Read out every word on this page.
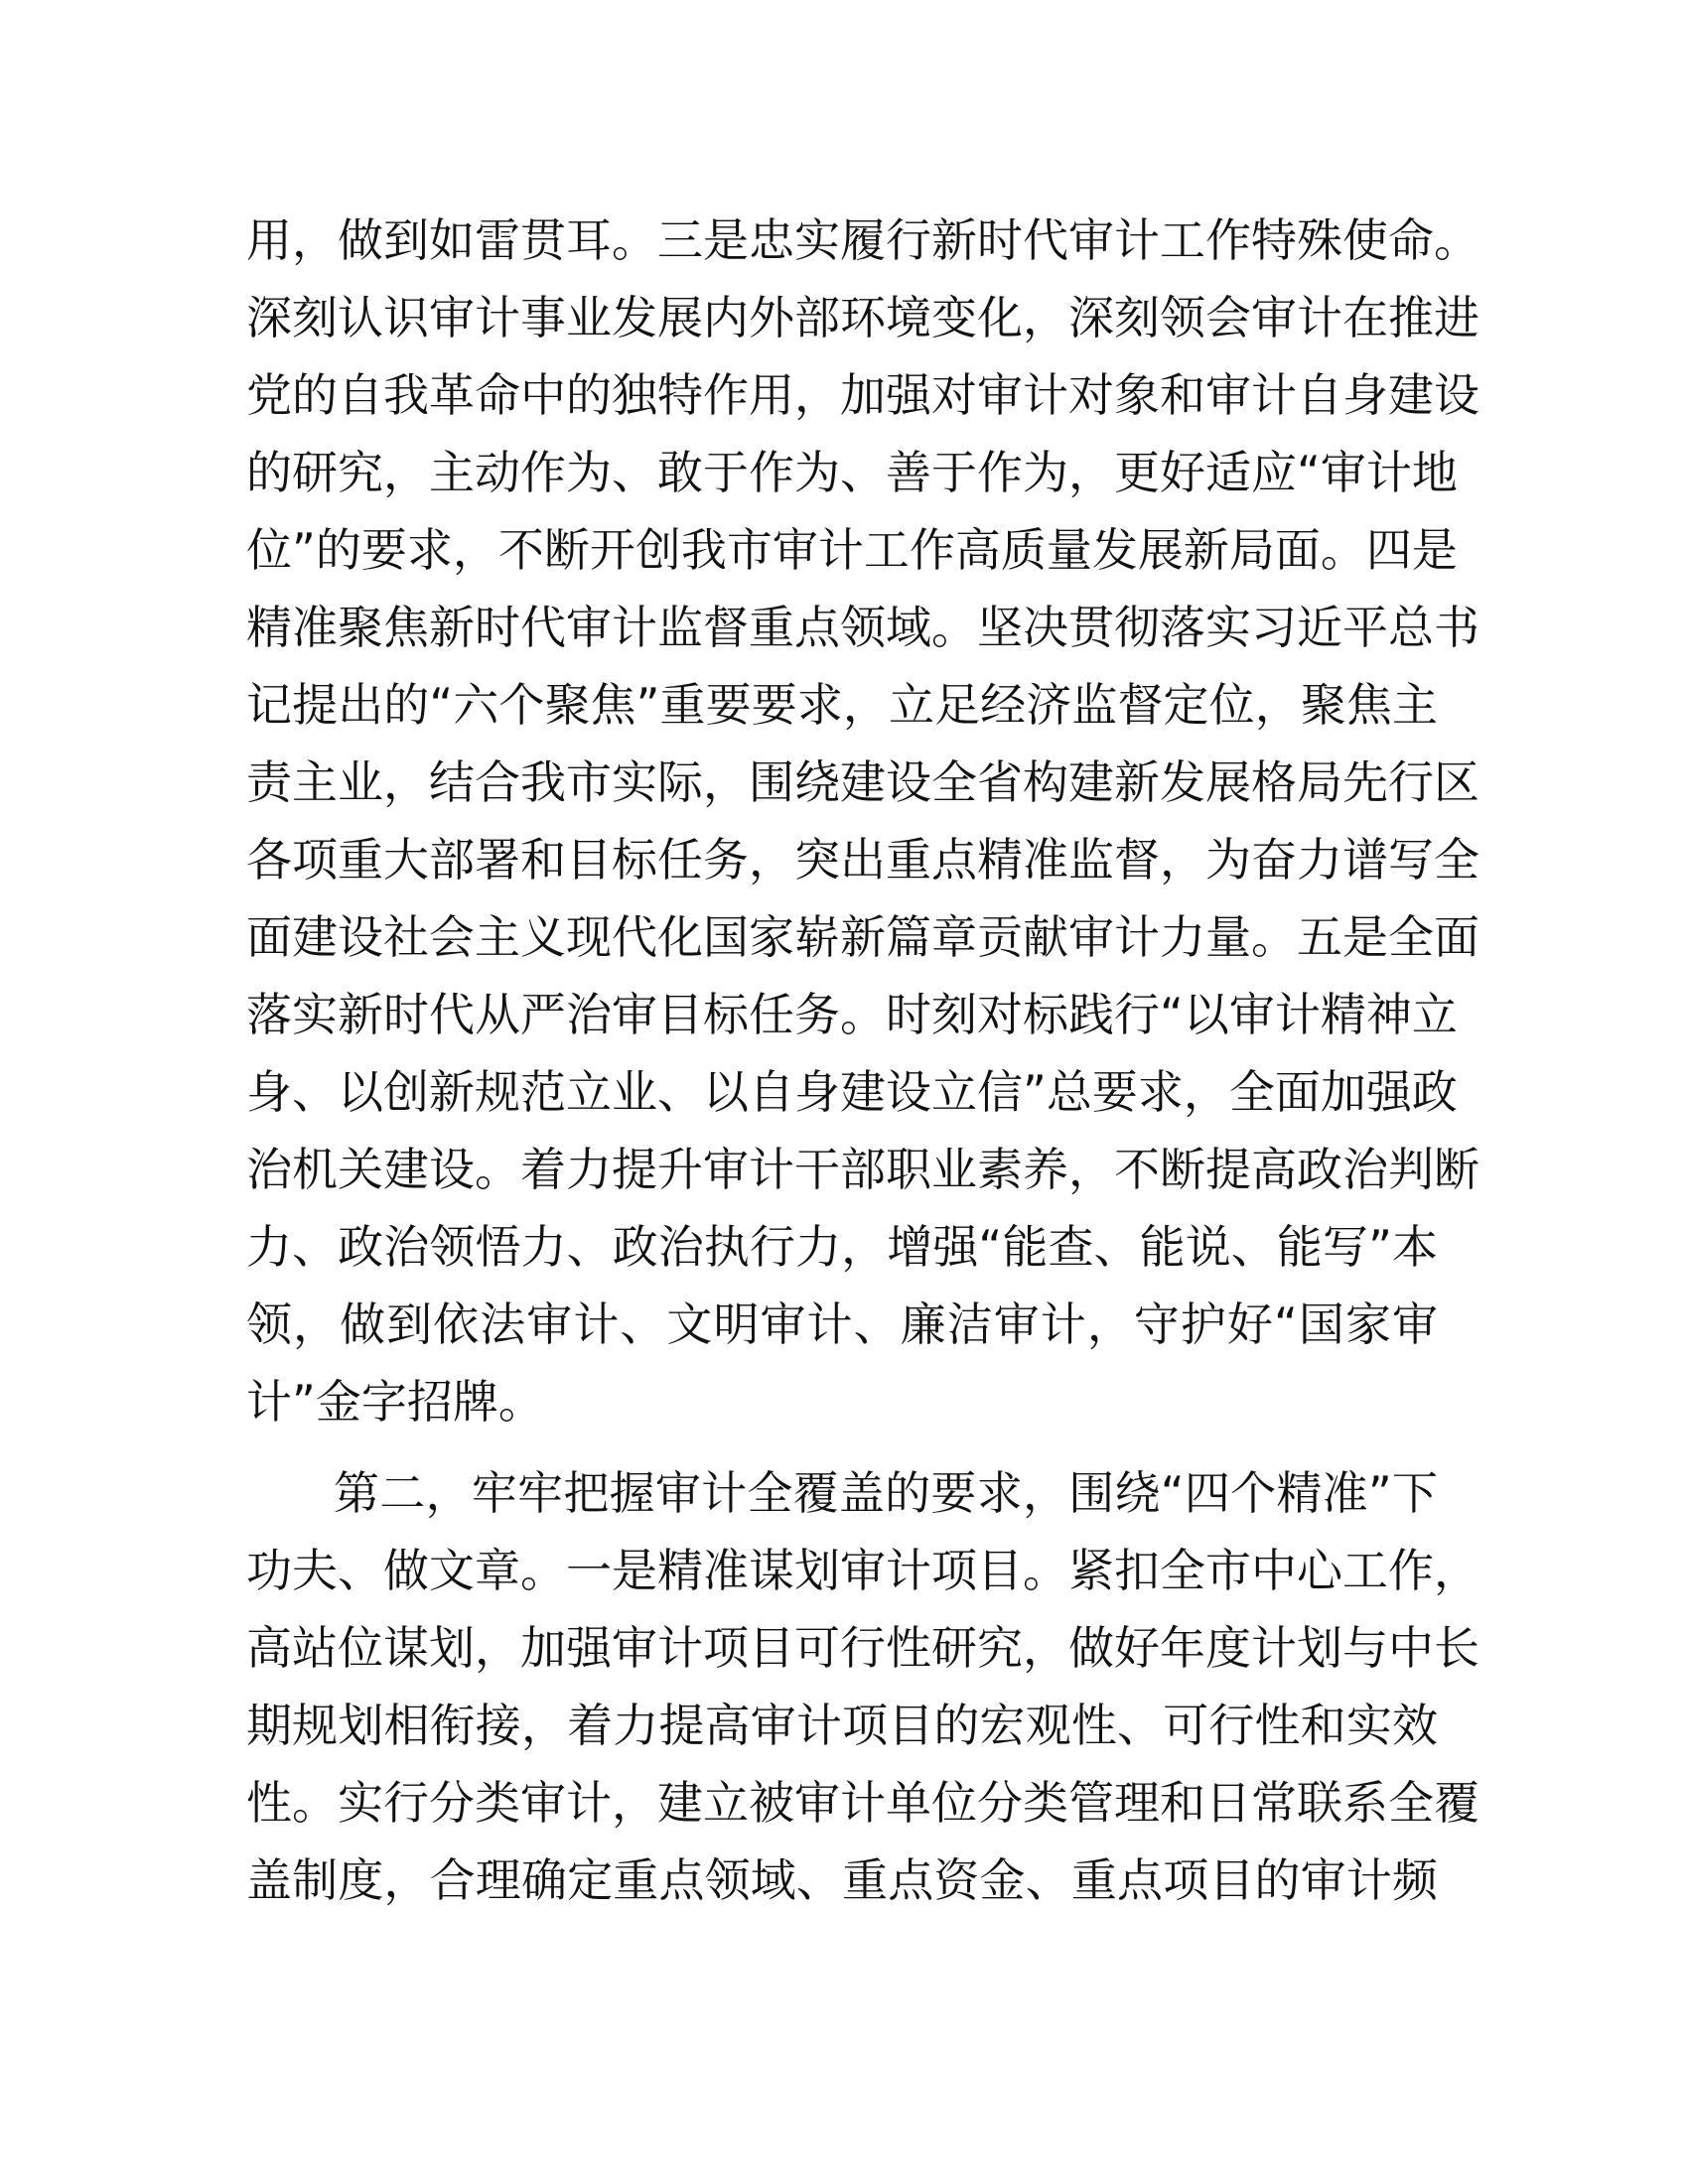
用，做到如雷贯耳。三是忠实履行新时代审计工作特殊使命。
深刻认识审计事业发展内外部环境变化，深刻领会审计在推进
党的自我革命中的独特作用，加强对审计对象和审计自身建设
的研究，主动作为、敢于作为、善于作为，更好适应“审计地
位”的要求，不断开创我市审计工作高质量发展新局面。四是
精准聚焦新时代审计监督重点领域。坚决贯彻落实习近平总书
记提出的“六个聚焦”重要要求，立足经济监督定位，聚焦主
责主业，结合我市实际，围绕建设全省构建新发展格局先行区
各项重大部署和目标任务，突出重点精准监督，为奋力谱写全
面建设社会主义现代化国家崭新篇章贡献审计力量。五是全面
落实新时代从严治审目标任务。时刻对标践行“以审计精神立
身、以创新规范立业、以自身建设立信”总要求，全面加强政
治机关建设。着力提升审计干部职业素养，不断提高政治判断
力、政治领悟力、政治执行力，增强“能查、能说、能写”本
领，做到依法审计、文明审计、廉洁审计，守护好“国家审
计”金字招牌。
第二，牢牢把握审计全覆盖的要求，围绕“四个精准”下
功夫、做文章。一是精准谋划审计项目。紧扣全市中心工作，
高站位谋划，加强审计项目可行性研究，做好年度计划与中长
期规划相衔接，着力提高审计项目的宏观性、可行性和实效
性。实行分类审计，建立被审计单位分类管理和日常联系全覆
盖制度，合理确定重点领域、重点资金、重点项目的审计频
